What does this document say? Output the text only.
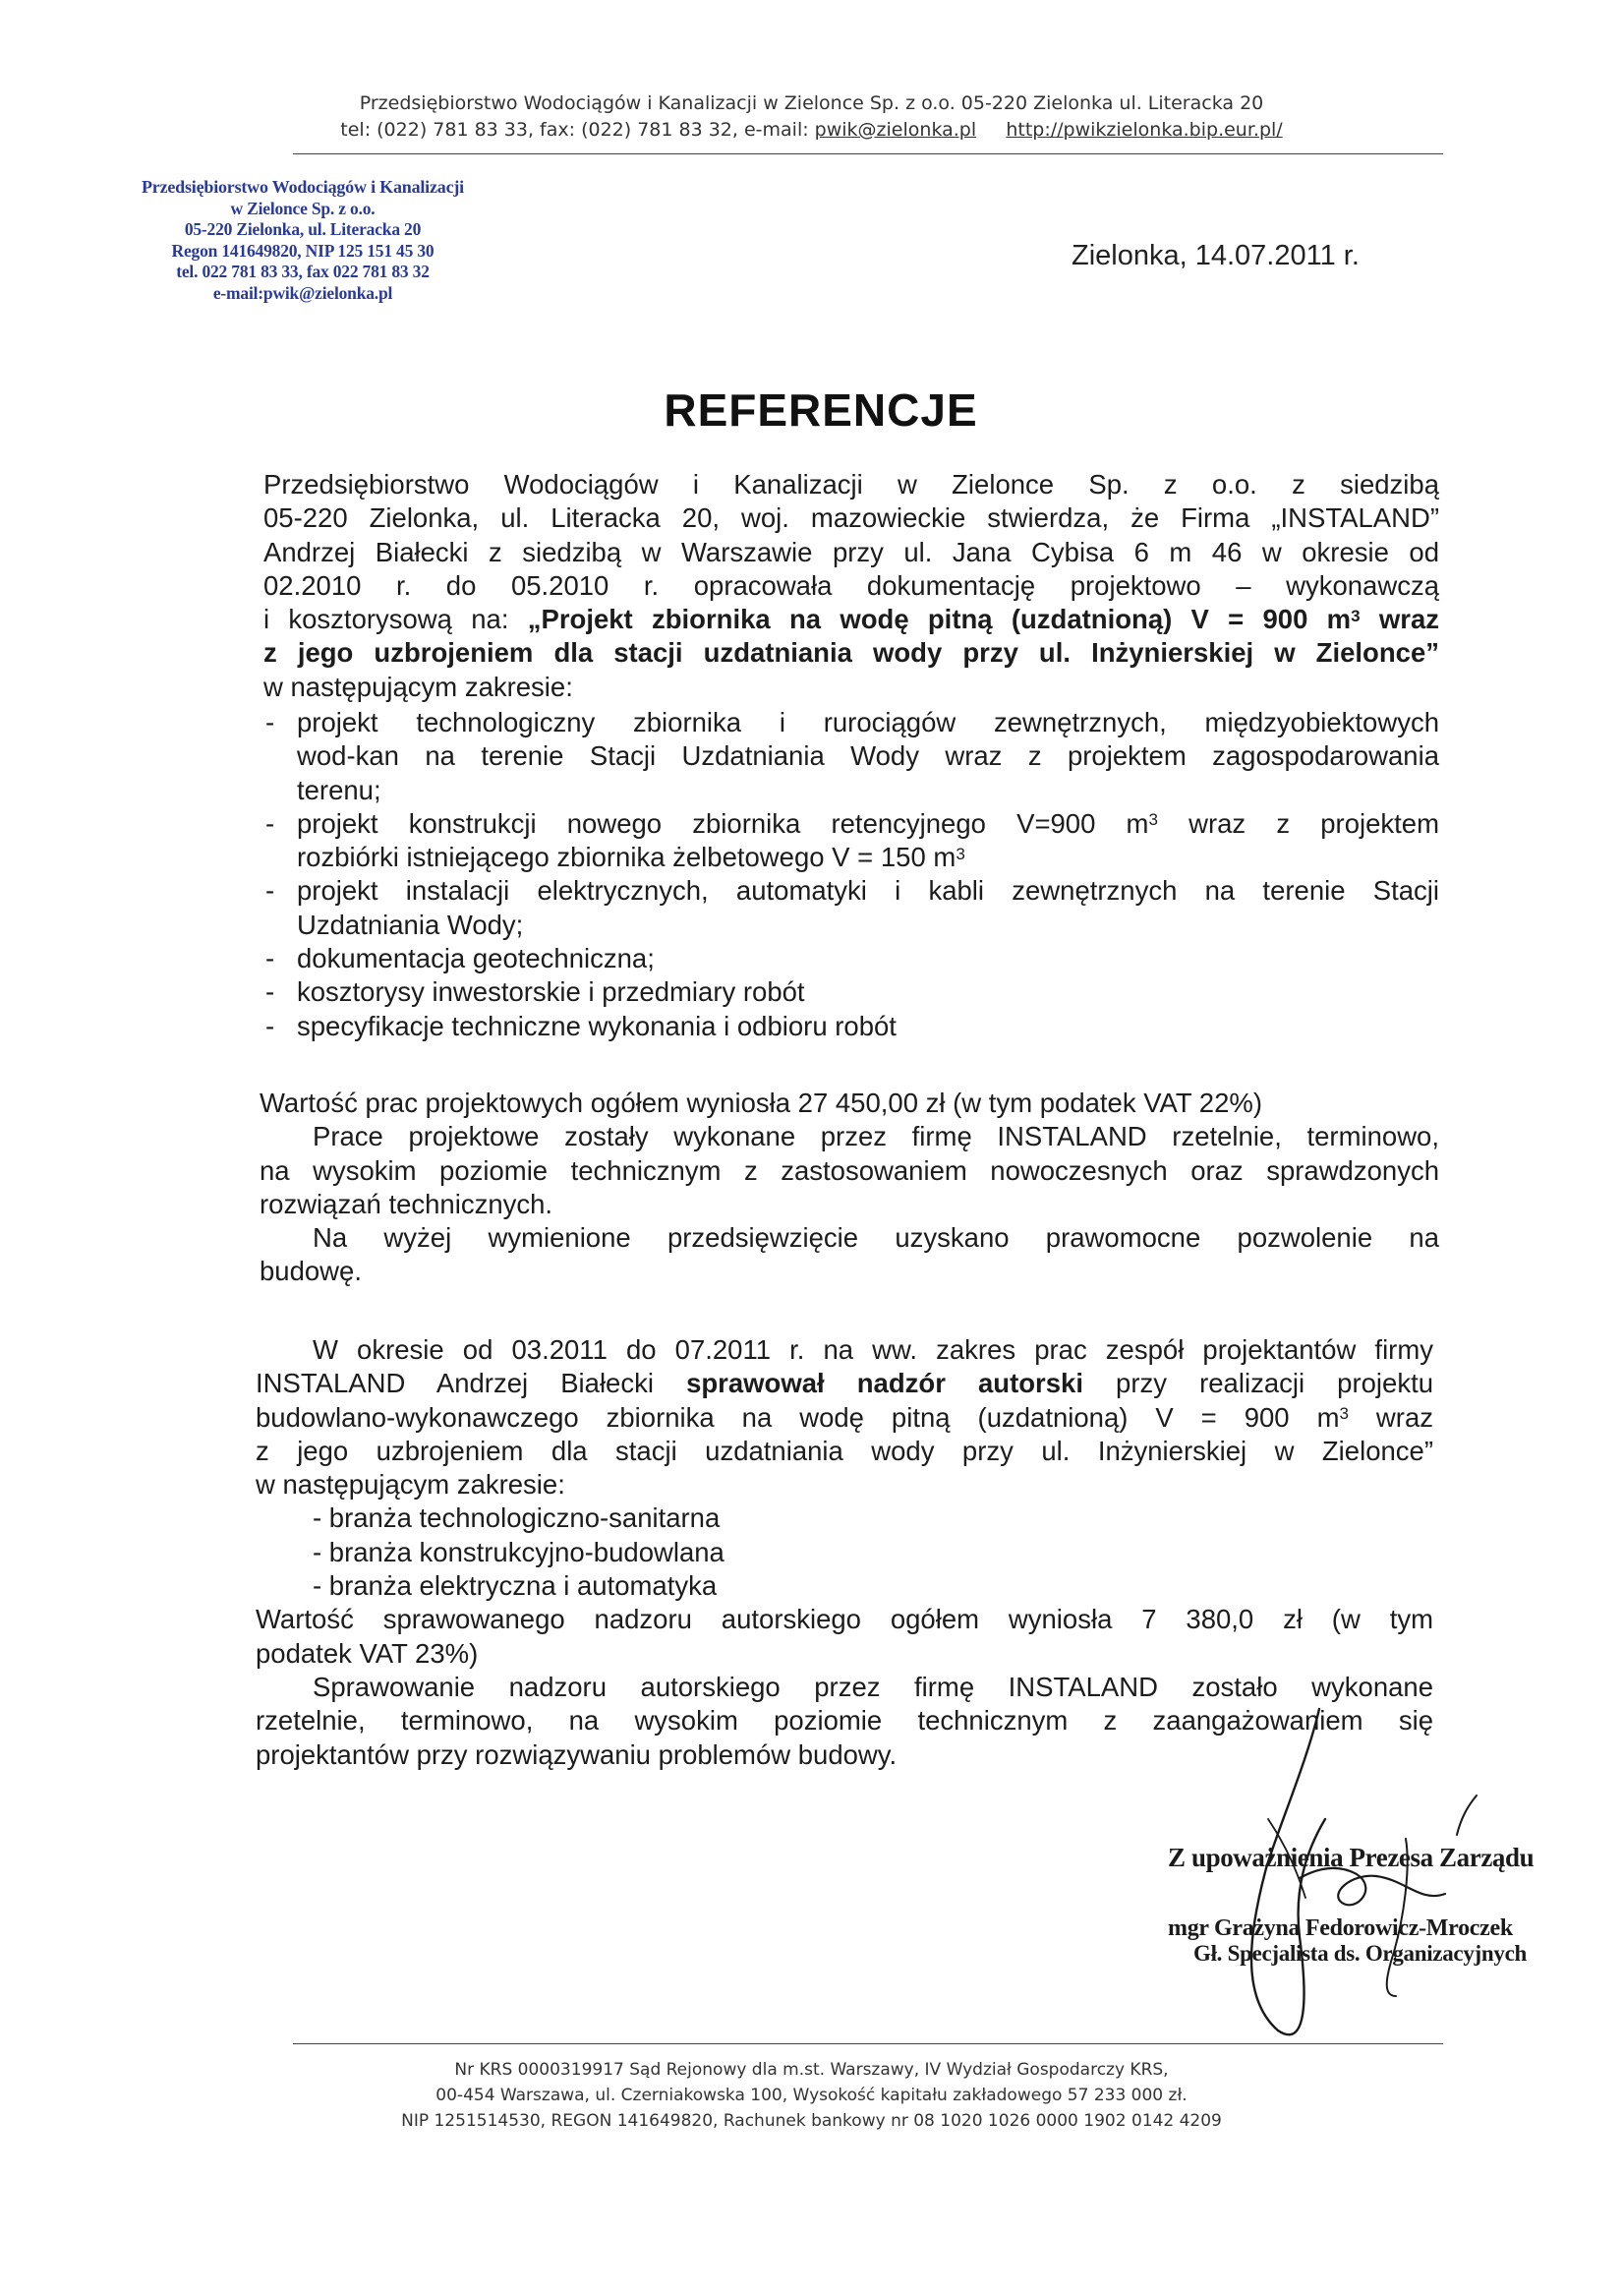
Przedsiębiorstwo Wodociągów i Kanalizacji w Zielonce Sp. z o.o. 05-220 Zielonka ul. Literacka 20
tel: (022) 781 83 33, fax: (022) 781 83 32, e-mail: pwik@zielonka.pl http://pwikzielonka.bip.eur.pl/
Przedsiębiorstwo Wodociągów i Kanalizacji
w Zielonce Sp. z o.o.
05-220 Zielonka, ul. Literacka 20
Regon 141649820, NIP 125 151 45 30
tel. 022 781 83 33, fax 022 781 83 32
e-mail:pwik@zielonka.pl
Zielonka, 14.07.2011 r.
REFERENCJE
Przedsiębiorstwo Wodociągów i Kanalizacji w Zielonce Sp. z o.o. z siedzibą
05-220 Zielonka, ul. Literacka 20, woj. mazowieckie stwierdza, że Firma „INSTALAND”
Andrzej Białecki z siedzibą w Warszawie przy ul. Jana Cybisa 6 m 46 w okresie od
02.2010 r. do 05.2010 r. opracowała dokumentację projektowo – wykonawczą
i kosztorysową na: „Projekt zbiornika na wodę pitną (uzdatnioną) V = 900 $m^3$ wraz
z jego uzbrojeniem dla stacji uzdatniania wody przy ul. Inżynierskiej w Zielonce”
w następującym zakresie:
- projekt technologiczny zbiornika i rurociągów zewnętrznych, międzyobiektowych
wod-kan na terenie Stacji Uzdatniania Wody wraz z projektem zagospodarowania
terenu;
- projekt konstrukcji nowego zbiornika retencyjnego V=900 $m^3$ wraz z projektem
rozbiórki istniejącego zbiornika żelbetowego V = 150 $m^3$
- projekt instalacji elektrycznych, automatyki i kabli zewnętrznych na terenie Stacji
Uzdatniania Wody;
- dokumentacja geotechniczna;
- kosztorysy inwestorskie i przedmiary robót
- specyfikacje techniczne wykonania i odbioru robót
Wartość prac projektowych ogółem wyniosła 27 450,00 zł (w tym podatek VAT 22%)
Prace projektowe zostały wykonane przez firmę INSTALAND rzetelnie, terminowo,
na wysokim poziomie technicznym z zastosowaniem nowoczesnych oraz sprawdzonych
rozwiązań technicznych.
Na wyżej wymienione przedsięwzięcie uzyskano prawomocne pozwolenie na
budowę.
W okresie od 03.2011 do 07.2011 r. na ww. zakres prac zespół projektantów firmy
INSTALAND Andrzej Białecki sprawował nadzór autorski przy realizacji projektu
budowlano-wykonawczego zbiornika na wodę pitną (uzdatnioną) V = 900 $m^3$ wraz
z jego uzbrojeniem dla stacji uzdatniania wody przy ul. Inżynierskiej w Zielonce”
w następującym zakresie:
- branża technologiczno-sanitarna
- branża konstrukcyjno-budowlana
- branża elektryczna i automatyka
Wartość sprawowanego nadzoru autorskiego ogółem wyniosła 7 380,0 zł (w tym
podatek VAT 23%)
Sprawowanie nadzoru autorskiego przez firmę INSTALAND zostało wykonane
rzetelnie, terminowo, na wysokim poziomie technicznym z zaangażowaniem się
projektantów przy rozwiązywaniu problemów budowy.
Z upoważnienia Prezesa Zarządu
mgr Grażyna Fedorowicz-Mroczek
Gł. Specjalista ds. Organizacyjnych
Nr KRS 0000319917 Sąd Rejonowy dla m.st. Warszawy, IV Wydział Gospodarczy KRS,
00-454 Warszawa, ul. Czerniakowska 100, Wysokość kapitału zakładowego 57 233 000 zł.
NIP 1251514530, REGON 141649820, Rachunek bankowy nr 08 1020 1026 0000 1902 0142 4209
